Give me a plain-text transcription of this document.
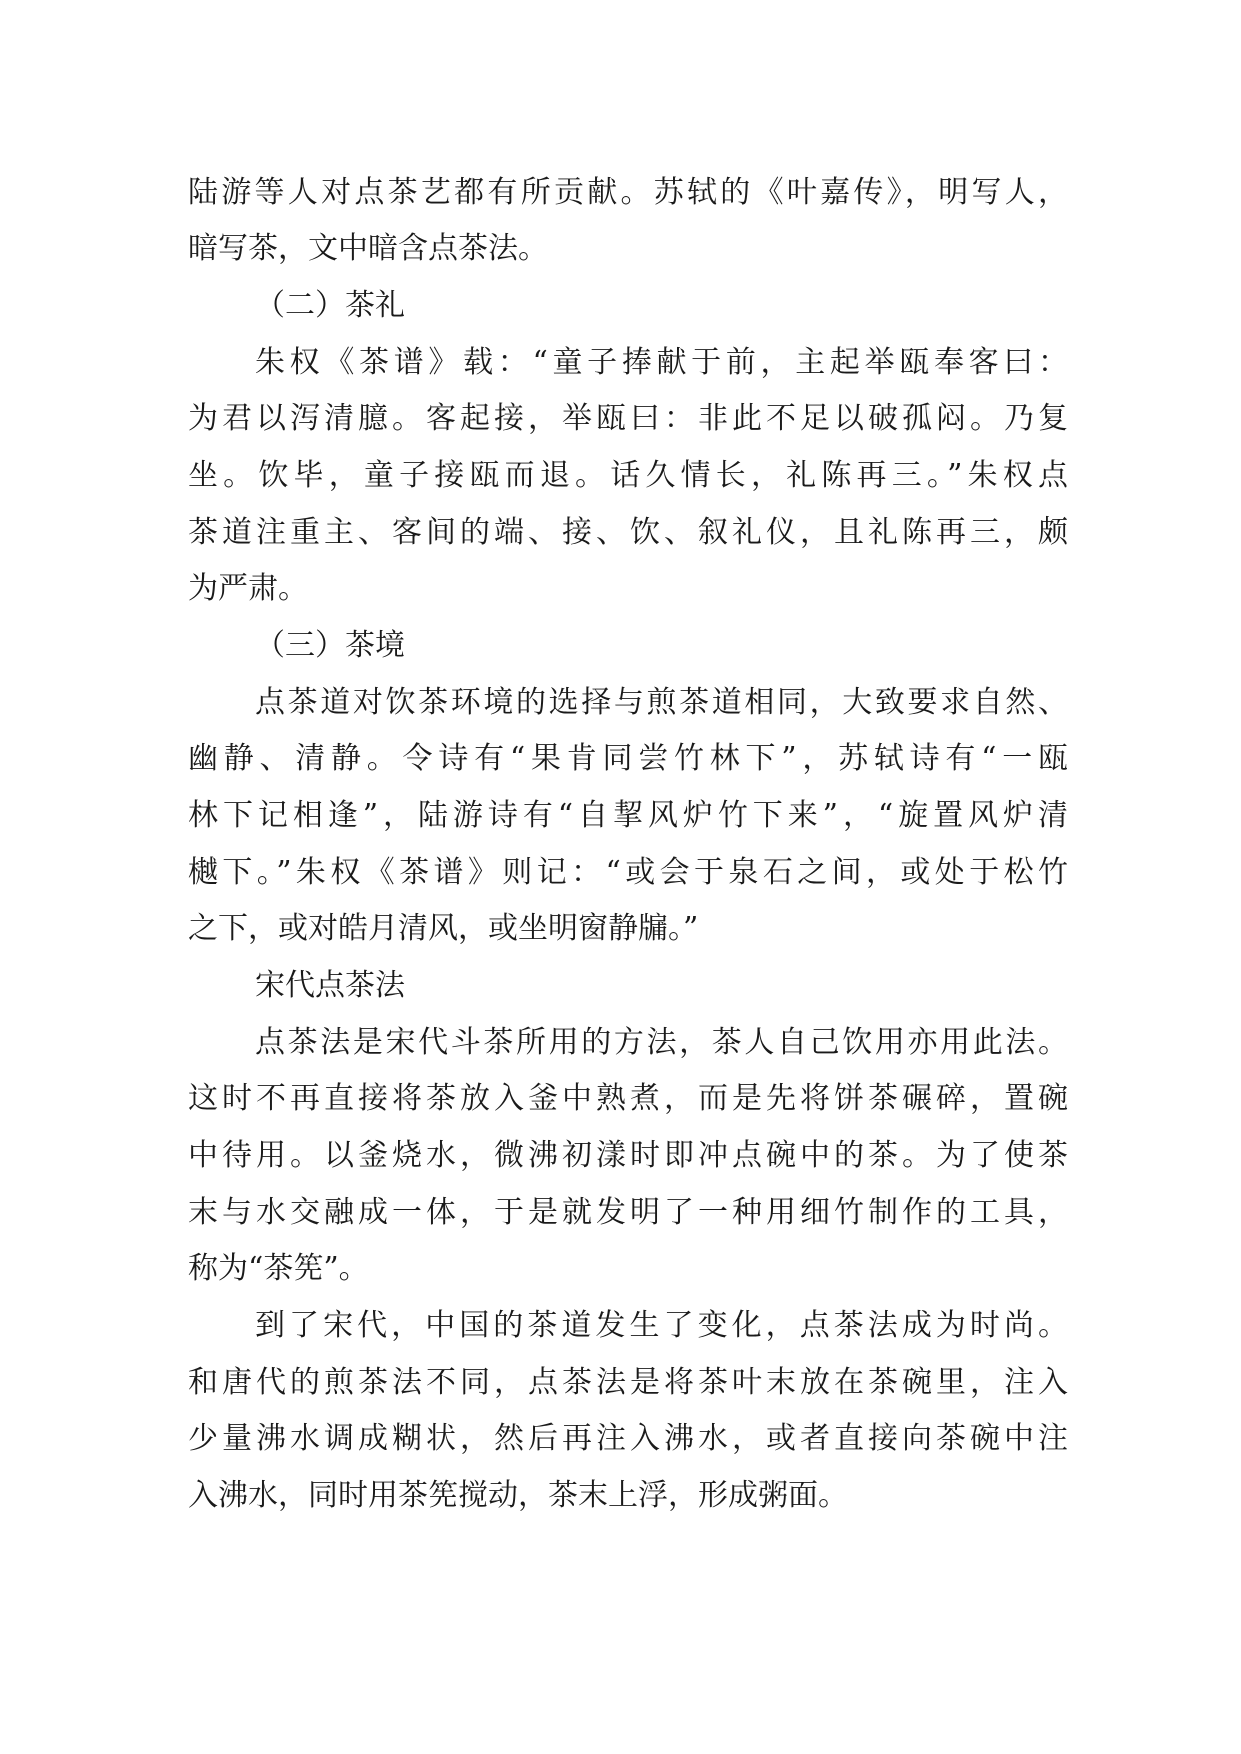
陆游等人对点茶艺都有所贡献。苏轼的《叶嘉传》，明写人，
暗写茶，文中暗含点茶法。
（二）茶礼
朱权《茶谱》载：“童子捧献于前，主起举瓯奉客曰：
为君以泻清臆。客起接，举瓯曰：非此不足以破孤闷。乃复
坐。饮毕，童子接瓯而退。话久情长，礼陈再三。”朱权点
茶道注重主、客间的端、接、饮、叙礼仪，且礼陈再三，颇
为严肃。
（三）茶境
点茶道对饮茶环境的选择与煎茶道相同，大致要求自然、
幽静、清静。令诗有“果肯同尝竹林下”，苏轼诗有“一瓯
林下记相逢”，陆游诗有“自挈风炉竹下来”，“旋置风炉清
樾下。”朱权《茶谱》则记：“或会于泉石之间，或处于松竹
之下，或对皓月清风，或坐明窗静牖。”
宋代点茶法
点茶法是宋代斗茶所用的方法，茶人自己饮用亦用此法。
这时不再直接将茶放入釜中熟煮，而是先将饼茶碾碎，置碗
中待用。以釜烧水，微沸初漾时即冲点碗中的茶。为了使茶
末与水交融成一体，于是就发明了一种用细竹制作的工具，
称为“茶筅”。
到了宋代，中国的茶道发生了变化，点茶法成为时尚。
和唐代的煎茶法不同，点茶法是将茶叶末放在茶碗里，注入
少量沸水调成糊状，然后再注入沸水，或者直接向茶碗中注
入沸水，同时用茶筅搅动，茶末上浮，形成粥面。
